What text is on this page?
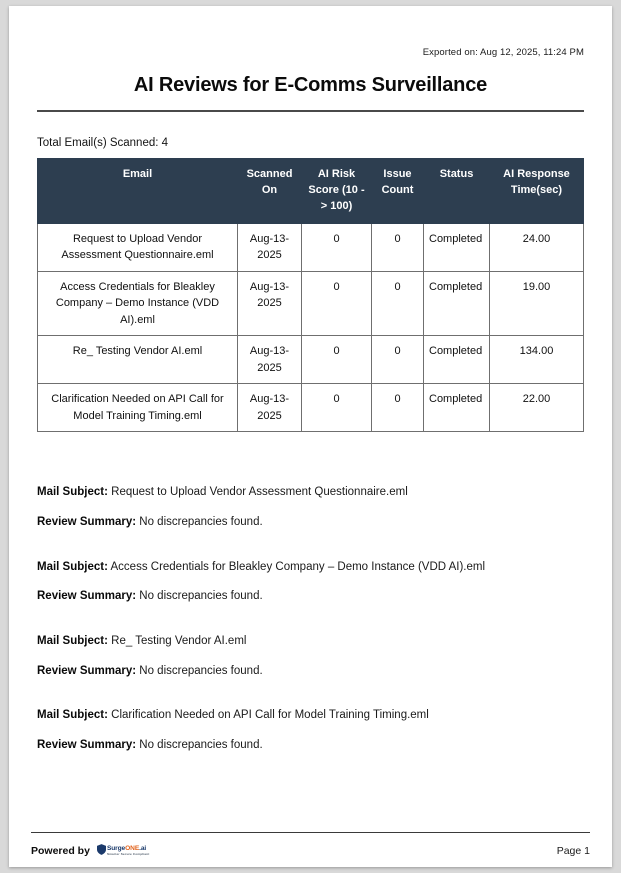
Exported on: Aug 12, 2025, 11:24 PM
AI Reviews for E-Comms Surveillance
Total Email(s) Scanned: 4
Email	Scanned On	AI Risk Score (10 - > 100)	Issue Count	Status	AI Response Time(sec)
Request to Upload Vendor Assessment Questionnaire.eml	Aug-13-2025	0	0	Completed	24.00
Access Credentials for Bleakley Company – Demo Instance (VDD AI).eml	Aug-13-2025	0	0	Completed	19.00
Re_ Testing Vendor AI.eml	Aug-13-2025	0	0	Completed	134.00
Clarification Needed on API Call for Model Training Timing.eml	Aug-13-2025	0	0	Completed	22.00
Mail Subject: Request to Upload Vendor Assessment Questionnaire.eml
Review Summary: No discrepancies found.
Mail Subject: Access Credentials for Bleakley Company – Demo Instance (VDD AI).eml
Review Summary: No discrepancies found.
Mail Subject: Re_ Testing Vendor AI.eml
Review Summary: No discrepancies found.
Mail Subject: Clarification Needed on API Call for Model Training Timing.eml
Review Summary: No discrepancies found.
Powered by	SurgeONE.ai
Smarter Secure Compliant	Page 1
